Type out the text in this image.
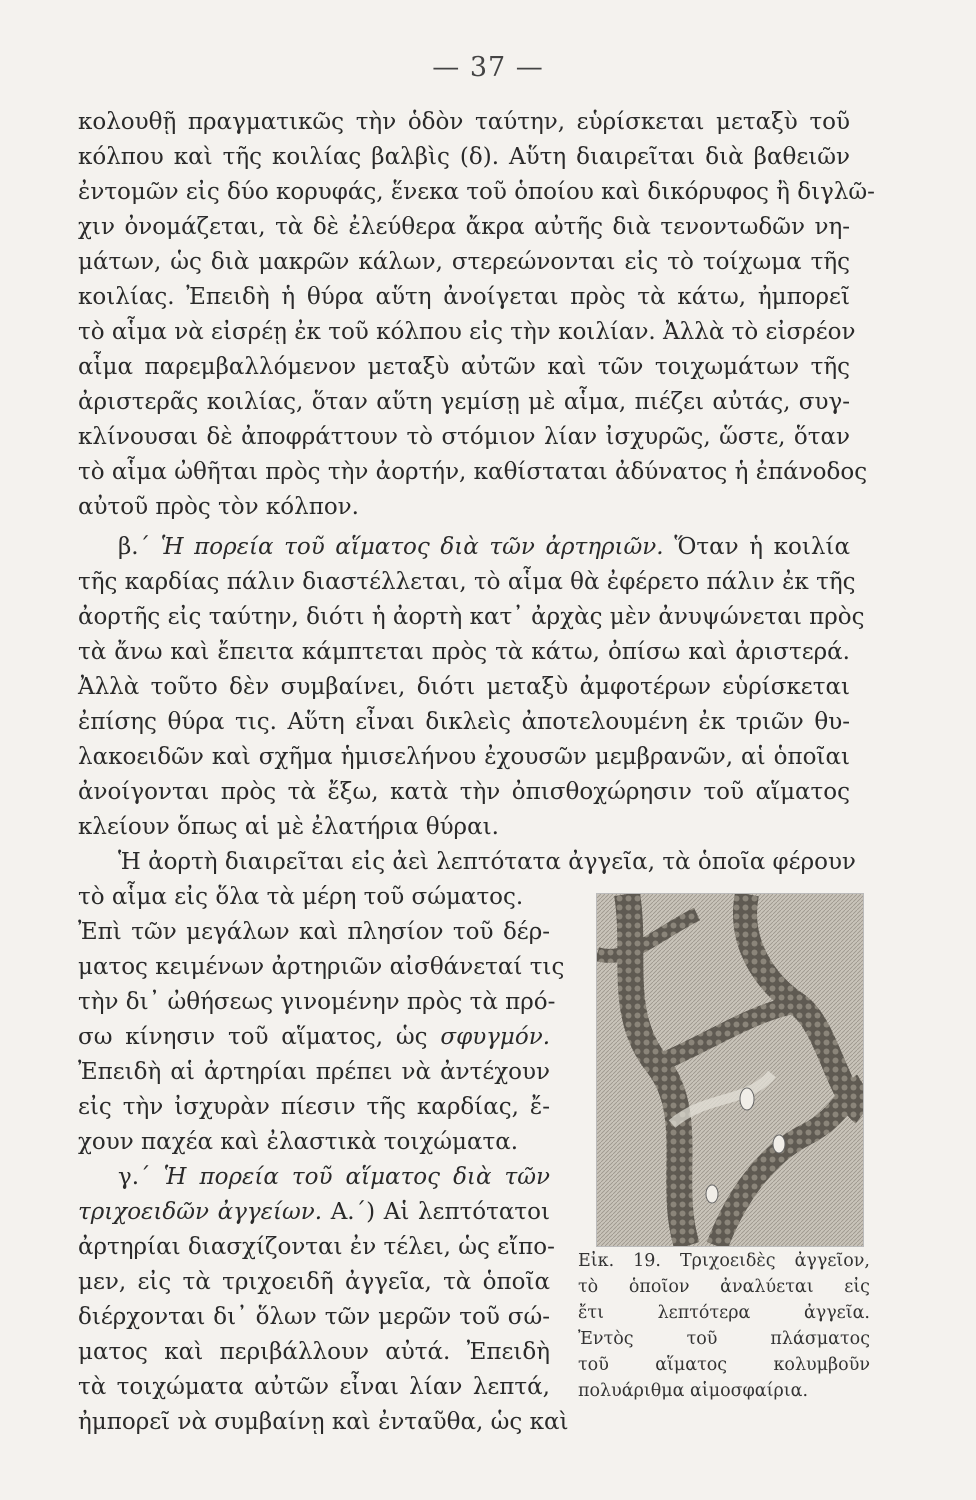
— 37 —
κολουθῇ πραγματικῶς τὴν ὁδὸν ταύτην, εὑρίσκεται μεταξὺ τοῦ
κόλπου καὶ τῆς κοιλίας βαλβὶς (δ). Αὕτη διαιρεῖται διὰ βαθειῶν
ἐντομῶν εἰς δύο κορυφάς, ἕνεκα τοῦ ὁποίου καὶ δικόρυφος ἢ διγλῶ-
χιν ὀνομάζεται, τὰ δὲ ἐλεύθερα ἄκρα αὐτῆς διὰ τενοντωδῶν νη-
μάτων, ὡς διὰ μακρῶν κάλων, στερεώνονται εἰς τὸ τοίχωμα τῆς
κοιλίας. Ἐπειδὴ ἡ θύρα αὕτη ἀνοίγεται πρὸς τὰ κάτω, ἠμπορεῖ
τὸ αἷμα νὰ εἰσρέῃ ἐκ τοῦ κόλπου εἰς τὴν κοιλίαν. Ἀλλὰ τὸ εἰσρέον
αἷμα παρεμβαλλόμενον μεταξὺ αὐτῶν καὶ τῶν τοιχωμάτων τῆς
ἀριστερᾶς κοιλίας, ὅταν αὕτη γεμίσῃ μὲ αἷμα, πιέζει αὐτάς, συγ-
κλίνουσαι δὲ ἀποφράττουν τὸ στόμιον λίαν ἰσχυρῶς, ὥστε, ὅταν
τὸ αἷμα ὠθῆται πρὸς τὴν ἀορτήν, καθίσταται ἀδύνατος ἡ ἐπάνοδος
αὐτοῦ πρὸς τὸν κόλπον.
β.΄ Ἡ πορεία τοῦ αἵματος διὰ τῶν ἀρτηριῶν. Ὅταν ἡ κοιλία
τῆς καρδίας πάλιν διαστέλλεται, τὸ αἷμα θὰ ἐφέρετο πάλιν ἐκ τῆς
ἀορτῆς εἰς ταύτην, διότι ἡ ἀορτὴ κατ᾽ ἀρχὰς μὲν ἀνυψώνεται πρὸς
τὰ ἄνω καὶ ἔπειτα κάμπτεται πρὸς τὰ κάτω, ὀπίσω καὶ ἀριστερά.
Ἀλλὰ τοῦτο δὲν συμβαίνει, διότι μεταξὺ ἀμφοτέρων εὑρίσκεται
ἐπίσης θύρα τις. Αὕτη εἶναι δικλεὶς ἀποτελουμένη ἐκ τριῶν θυ-
λακοειδῶν καὶ σχῆμα ἡμισελήνου ἐχουσῶν μεμβρανῶν, αἱ ὁποῖαι
ἀνοίγονται πρὸς τὰ ἔξω, κατὰ τὴν ὀπισθοχώρησιν τοῦ αἵματος
κλείουν ὅπως αἱ μὲ ἐλατήρια θύραι.
Ἡ ἀορτὴ διαιρεῖται εἰς ἀεὶ λεπτότατα ἀγγεῖα, τὰ ὁποῖα φέρουν
τὸ αἷμα εἰς ὅλα τὰ μέρη τοῦ σώματος.
Ἐπὶ τῶν μεγάλων καὶ πλησίον τοῦ δέρ-
ματος κειμένων ἀρτηριῶν αἰσθάνεταί τις
τὴν δι᾽ ὠθήσεως γινομένην πρὸς τὰ πρό-
σω κίνησιν τοῦ αἵματος, ὡς σφυγμόν.
Ἐπειδὴ αἱ ἀρτηρίαι πρέπει νὰ ἀντέχουν
εἰς τὴν ἰσχυρὰν πίεσιν τῆς καρδίας, ἔ-
χουν παχέα καὶ ἐλαστικὰ τοιχώματα.
γ.΄ Ἡ πορεία τοῦ αἵματος διὰ τῶν
τριχοειδῶν ἀγγείων. Α.΄) Αἱ λεπτότατοι
ἀρτηρίαι διασχίζονται ἐν τέλει, ὡς εἴπο-
μεν, εἰς τὰ τριχοειδῆ ἀγγεῖα, τὰ ὁποῖα
διέρχονται δι᾽ ὅλων τῶν μερῶν τοῦ σώ-
ματος καὶ περιβάλλουν αὐτά. Ἐπειδὴ
τὰ τοιχώματα αὐτῶν εἶναι λίαν λεπτά,
ἠμπορεῖ νὰ συμβαίνῃ καὶ ἐνταῦθα, ὡς καὶ
Εἰκ. 19. Τριχοειδὲς ἀγγεῖον,
τὸ ὁποῖον ἀναλύεται εἰς
ἔτι λεπτότερα ἀγγεῖα.
Ἐντὸς τοῦ πλάσματος
τοῦ αἵματος κολυμβοῦν
πολυάριθμα αἱμοσφαίρια.
